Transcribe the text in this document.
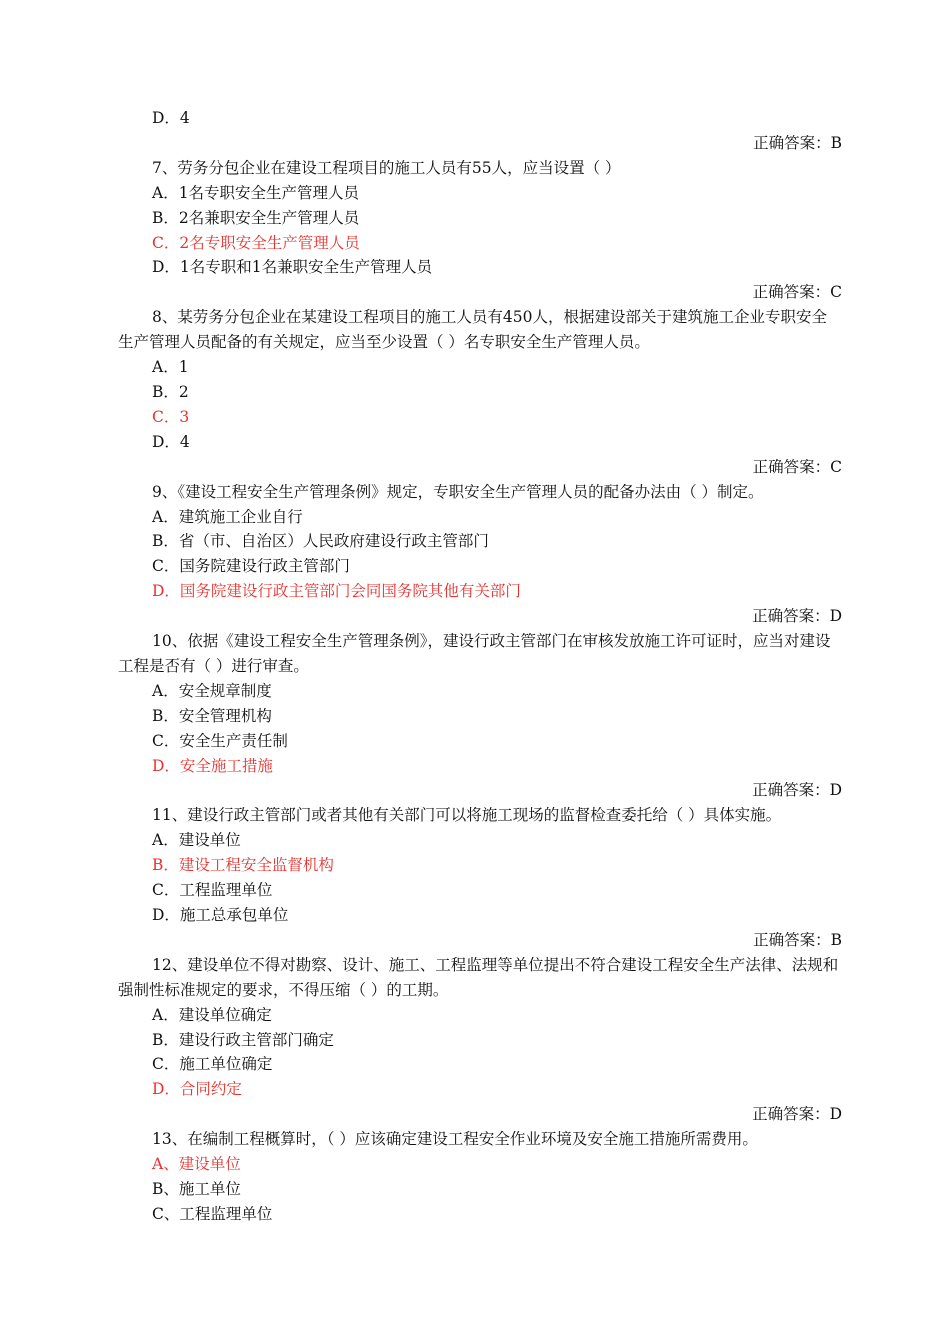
D．4
正确答案：B
7、劳务分包企业在建设工程项目的施工人员有55人，应当设置（ ）
A．1名专职安全生产管理人员
B．2名兼职安全生产管理人员
C．2名专职安全生产管理人员
D．1名专职和1名兼职安全生产管理人员
正确答案：C
8、某劳务分包企业在某建设工程项目的施工人员有450人，根据建设部关于建筑施工企业专职安全生产管理人员配备的有关规定，应当至少设置（ ）名专职安全生产管理人员。
A．1
B．2
C．3
D．4
正确答案：C
9、《建设工程安全生产管理条例》规定，专职安全生产管理人员的配备办法由（ ）制定。
A．建筑施工企业自行
B．省（市、自治区）人民政府建设行政主管部门
C．国务院建设行政主管部门
D．国务院建设行政主管部门会同国务院其他有关部门
正确答案：D
10、依据《建设工程安全生产管理条例》，建设行政主管部门在审核发放施工许可证时，应当对建设工程是否有（ ）进行审查。
A．安全规章制度
B．安全管理机构
C．安全生产责任制
D．安全施工措施
正确答案：D
11、建设行政主管部门或者其他有关部门可以将施工现场的监督检查委托给（ ）具体实施。
A．建设单位
B．建设工程安全监督机构
C．工程监理单位
D．施工总承包单位
正确答案：B
12、建设单位不得对勘察、设计、施工、工程监理等单位提出不符合建设工程安全生产法律、法规和强制性标准规定的要求，不得压缩（ ）的工期。
A．建设单位确定
B．建设行政主管部门确定
C．施工单位确定
D．合同约定
正确答案：D
13、在编制工程概算时，（ ）应该确定建设工程安全作业环境及安全施工措施所需费用。
A、建设单位
B、施工单位
C、工程监理单位
